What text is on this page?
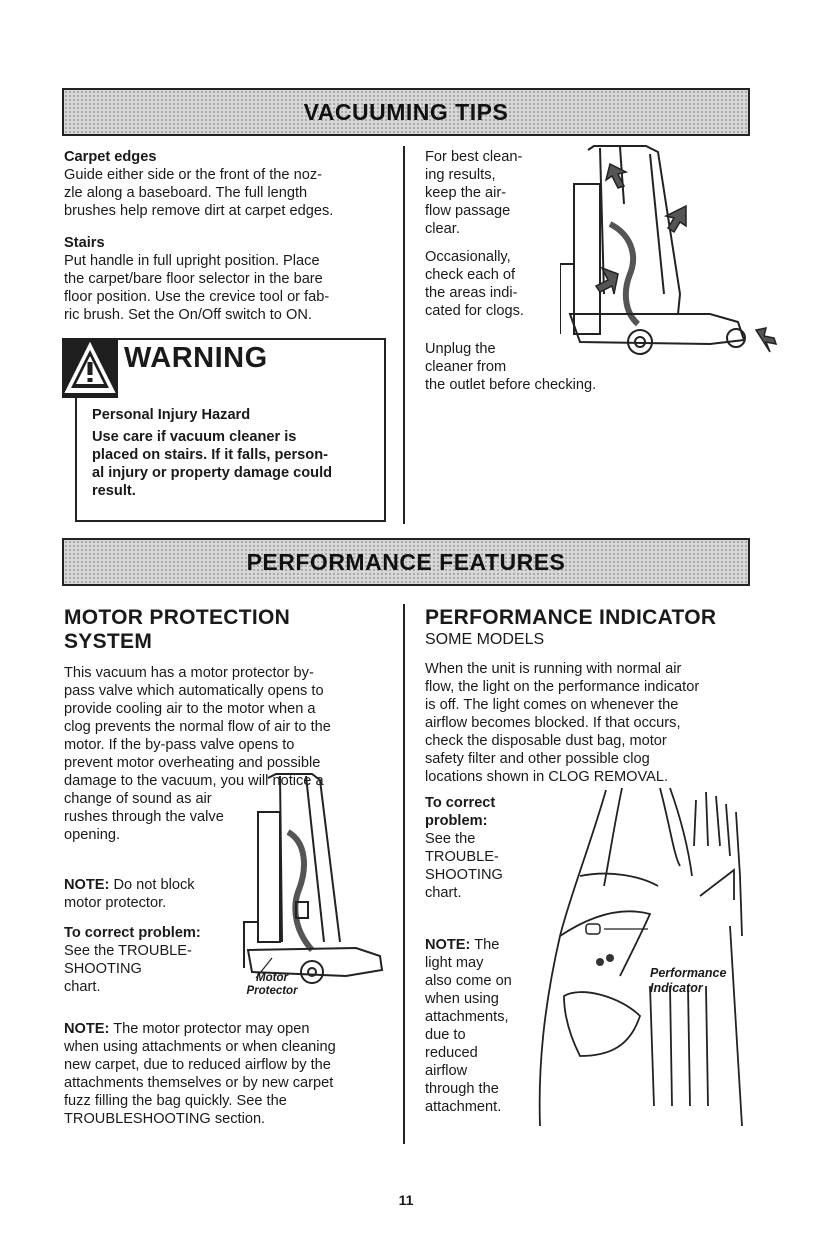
VACUUMING TIPS
Carpet edges
Guide either side or the front of the noz-
zle along a baseboard. The full length
brushes help remove dirt at carpet edges.
Stairs
Put handle in full upright position. Place
the carpet/bare floor selector in the bare
floor position. Use the crevice tool or fab-
ric brush. Set the On/Off switch to ON.
WARNING
Personal Injury Hazard
Use care if vacuum cleaner is
placed on stairs. If it falls, person-
al injury or property damage could
result.
For best clean-
ing results,
keep the air-
flow passage
clear.
Occasionally,
check each of
the areas indi-
cated for clogs.
Unplug the
cleaner from
the outlet before checking.
PERFORMANCE FEATURES
MOTOR PROTECTION
SYSTEM
This vacuum has a motor protector by-
pass valve which automatically opens to
provide cooling air to the motor when a
clog prevents the normal flow of air to the
motor. If the by-pass valve opens to
prevent motor overheating and possible
damage to the vacuum, you will notice a
change of sound as air
rushes through the valve
opening.
NOTE: Do not block
motor protector.
To correct problem:
See the TROUBLE-
SHOOTING
chart.
Motor
Protector
NOTE: The motor protector may open
when using attachments or when cleaning
new carpet, due to reduced airflow by the
attachments themselves or by new carpet
fuzz filling the bag quickly. See the
TROUBLESHOOTING section.
PERFORMANCE INDICATOR
SOME MODELS
When the unit is running with normal air
flow, the light on the performance indicator
is off. The light comes on whenever the
airflow becomes blocked. If that occurs,
check the disposable dust bag, motor
safety filter and other possible clog
locations shown in CLOG REMOVAL.
To correct
problem:
See the
TROUBLE-
SHOOTING
chart.
NOTE: The
light may
also come on
when using
attachments,
due to
reduced
airflow
through the
attachment.
Performance
Indicator
11
